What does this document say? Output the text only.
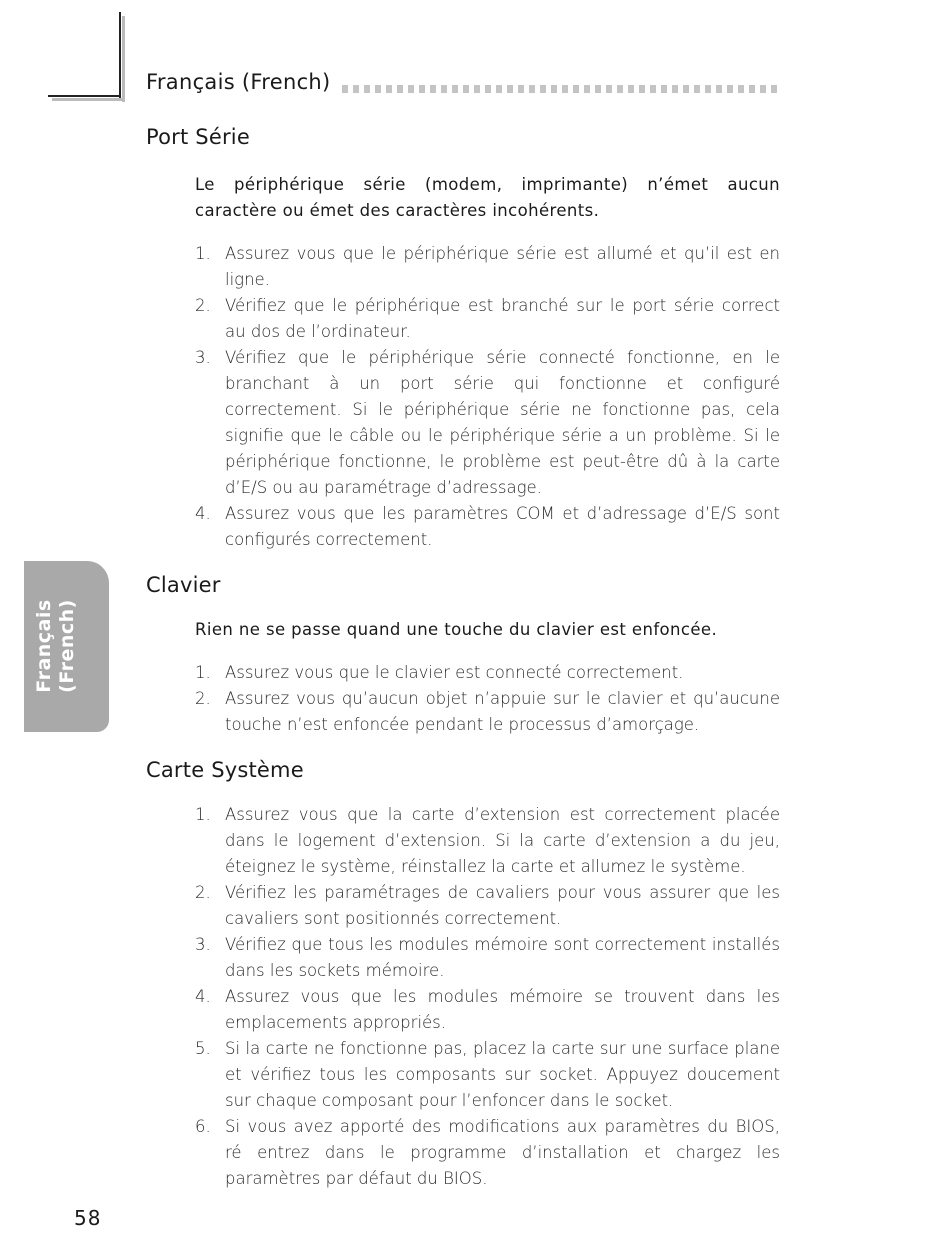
Français (French)
Français (French)
Port Série

Le périphérique série (modem, imprimante) n’émet aucun caractère ou émet des caractères incohérents.

1. Assurez vous que le périphérique série est allumé et qu’il est en ligne.
2. Vérifiez que le périphérique est branché sur le port série correct au dos de l’ordinateur.
3. Vérifiez que le périphérique série connecté fonctionne, en le branchant à un port série qui fonctionne et configuré correctement. Si le périphérique série ne fonctionne pas, cela signifie que le câble ou le périphérique série a un problème. Si le périphérique fonctionne, le problème est peut-être dû à la carte d’E/S ou au paramétrage d’adressage.
4. Assurez vous que les paramètres COM et d’adressage d’E/S sont configurés correctement.
Clavier

Rien ne se passe quand une touche du clavier est enfoncée.

1. Assurez vous que le clavier est connecté correctement.
2. Assurez vous qu’aucun objet n’appuie sur le clavier et qu’aucune touche n’est enfoncée pendant le processus d’amorçage.
Carte Système
1. Assurez vous que la carte d’extension est correctement placée dans le logement d’extension. Si la carte d’extension a du jeu, éteignez le système, réinstallez la carte et allumez le système.
2. Vérifiez les paramétrages de cavaliers pour vous assurer que les cavaliers sont positionnés correctement.
3. Vérifiez que tous les modules mémoire sont correctement installés dans les sockets mémoire.
4. Assurez vous que les modules mémoire se trouvent dans les emplacements appropriés.
5. Si la carte ne fonctionne pas, placez la carte sur une surface plane et vérifiez tous les composants sur socket. Appuyez doucement sur chaque composant pour l’enfoncer dans le socket.
6. Si vous avez apporté des modifications aux paramètres du BIOS, ré entrez dans le programme d’installation et chargez les paramètres par défaut du BIOS.
58
